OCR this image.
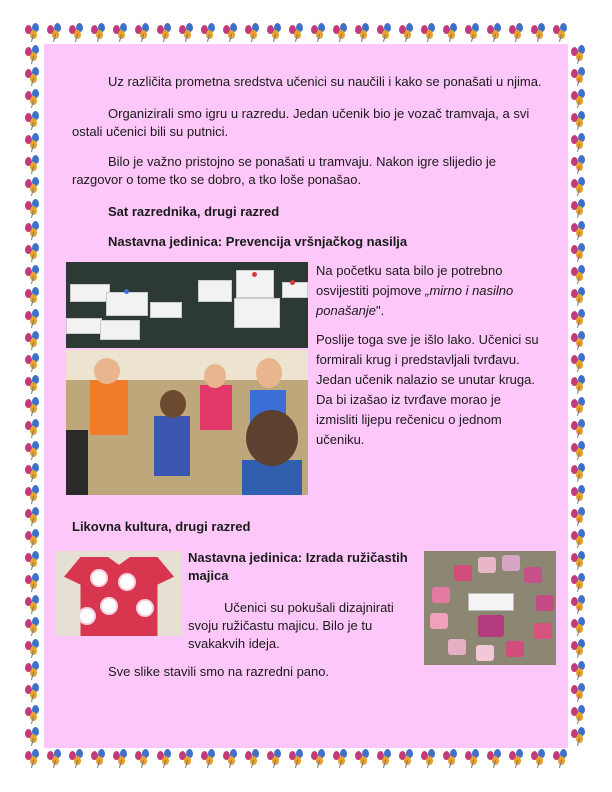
Uz različita prometna sredstva učenici su naučili i kako se ponašati u njima.
Organizirali smo igru u razredu. Jedan učenik bio je vozač tramvaja, a svi
ostali učenici bili su putnici.
Bilo je važno pristojno se ponašati u tramvaju. Nakon igre slijedio je
razgovor o tome tko se dobro, a tko loše ponašao.
Sat razrednika, drugi razred
Nastavna jedinica: Prevencija vršnjačkog nasilja
Na početku sata bilo je potrebno
osvijestiti pojmove „mirno i nasilno
ponašanje".
Poslije toga sve je išlo lako. Učenici su
formirali krug i predstavljali tvrđavu.
Jedan učenik nalazio se unutar kruga.
Da bi izašao iz tvrđave morao je
izmisliti lijepu rečenicu o jednom
učeniku.
Likovna kultura, drugi razred
Nastavna jedinica: Izrada ružičastih
majica
Učenici su pokušali dizajnirati
svoju ružičastu majicu. Bilo je tu
svakakvih ideja.
Sve slike stavili smo na razredni pano.
